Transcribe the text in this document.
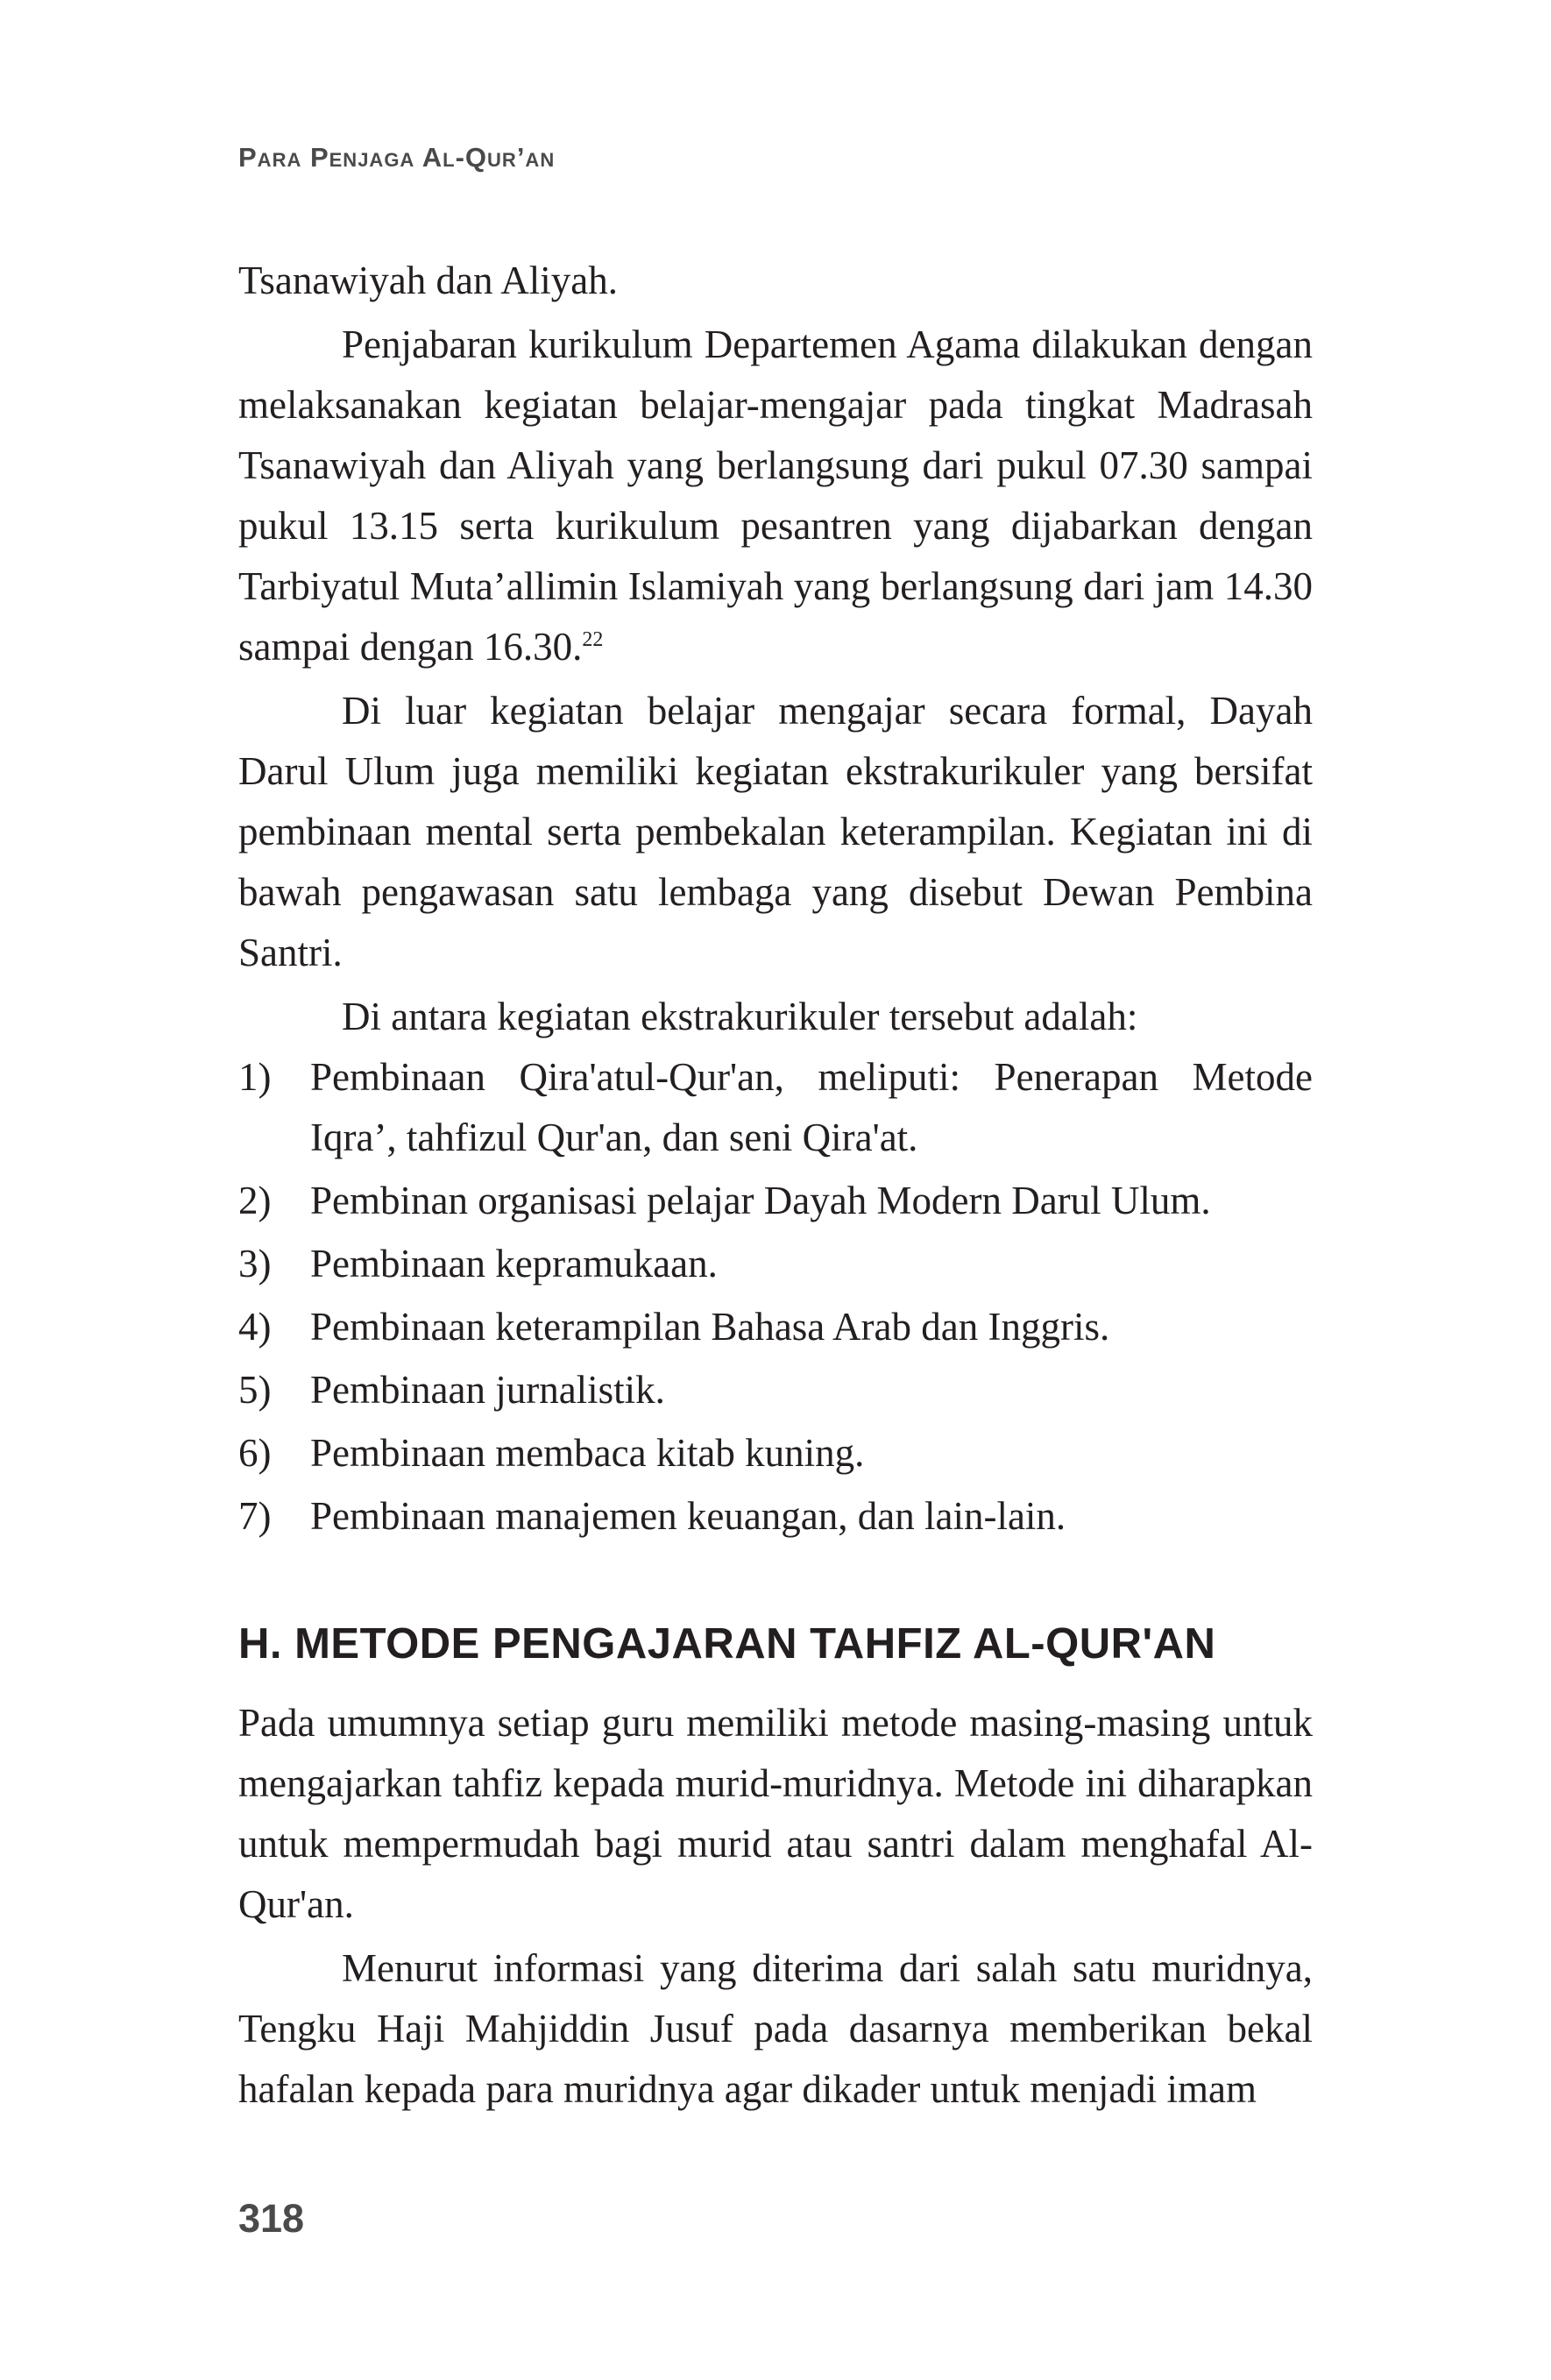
Para Penjaga Al-Qur’an

Tsanawiyah dan Aliyah.

Penjabaran kurikulum Departemen Agama dilakukan dengan melaksanakan kegiatan belajar-mengajar pada tingkat Madrasah Tsanawiyah dan Aliyah yang berlangsung dari pukul 07.30 sampai pukul 13.15 serta kurikulum pesantren yang dijabarkan dengan Tarbiyatul Muta’allimin Islamiyah yang berlangsung dari jam 14.30 sampai dengan 16.30.22

Di luar kegiatan belajar mengajar secara formal, Dayah Darul Ulum juga memiliki kegiatan ekstrakurikuler yang bersifat pembinaan mental serta pembekalan keterampilan. Kegiatan ini di bawah pengawasan satu lembaga yang disebut Dewan Pembina Santri.

Di antara kegiatan ekstrakurikuler tersebut adalah:

1) Pembinaan Qira'atul-Qur'an, meliputi: Penerapan Metode Iqra’, tahfizul Qur'an, dan seni Qira'at.
2) Pembinan organisasi pelajar Dayah Modern Darul Ulum.
3) Pembinaan kepramukaan.
4) Pembinaan keterampilan Bahasa Arab dan Inggris.
5) Pembinaan jurnalistik.
6) Pembinaan membaca kitab kuning.
7) Pembinaan manajemen keuangan, dan lain-lain.
H. METODE PENGAJARAN TAHFIZ AL-QUR'AN

Pada umumnya setiap guru memiliki metode masing-masing untuk mengajarkan tahfiz kepada murid-muridnya. Metode ini diharapkan untuk mempermudah bagi murid atau santri dalam menghafal Al-Qur'an.

Menurut informasi yang diterima dari salah satu muridnya, Tengku Haji Mahjiddin Jusuf pada dasarnya memberikan bekal hafalan kepada para muridnya agar dikader untuk menjadi imam

318
